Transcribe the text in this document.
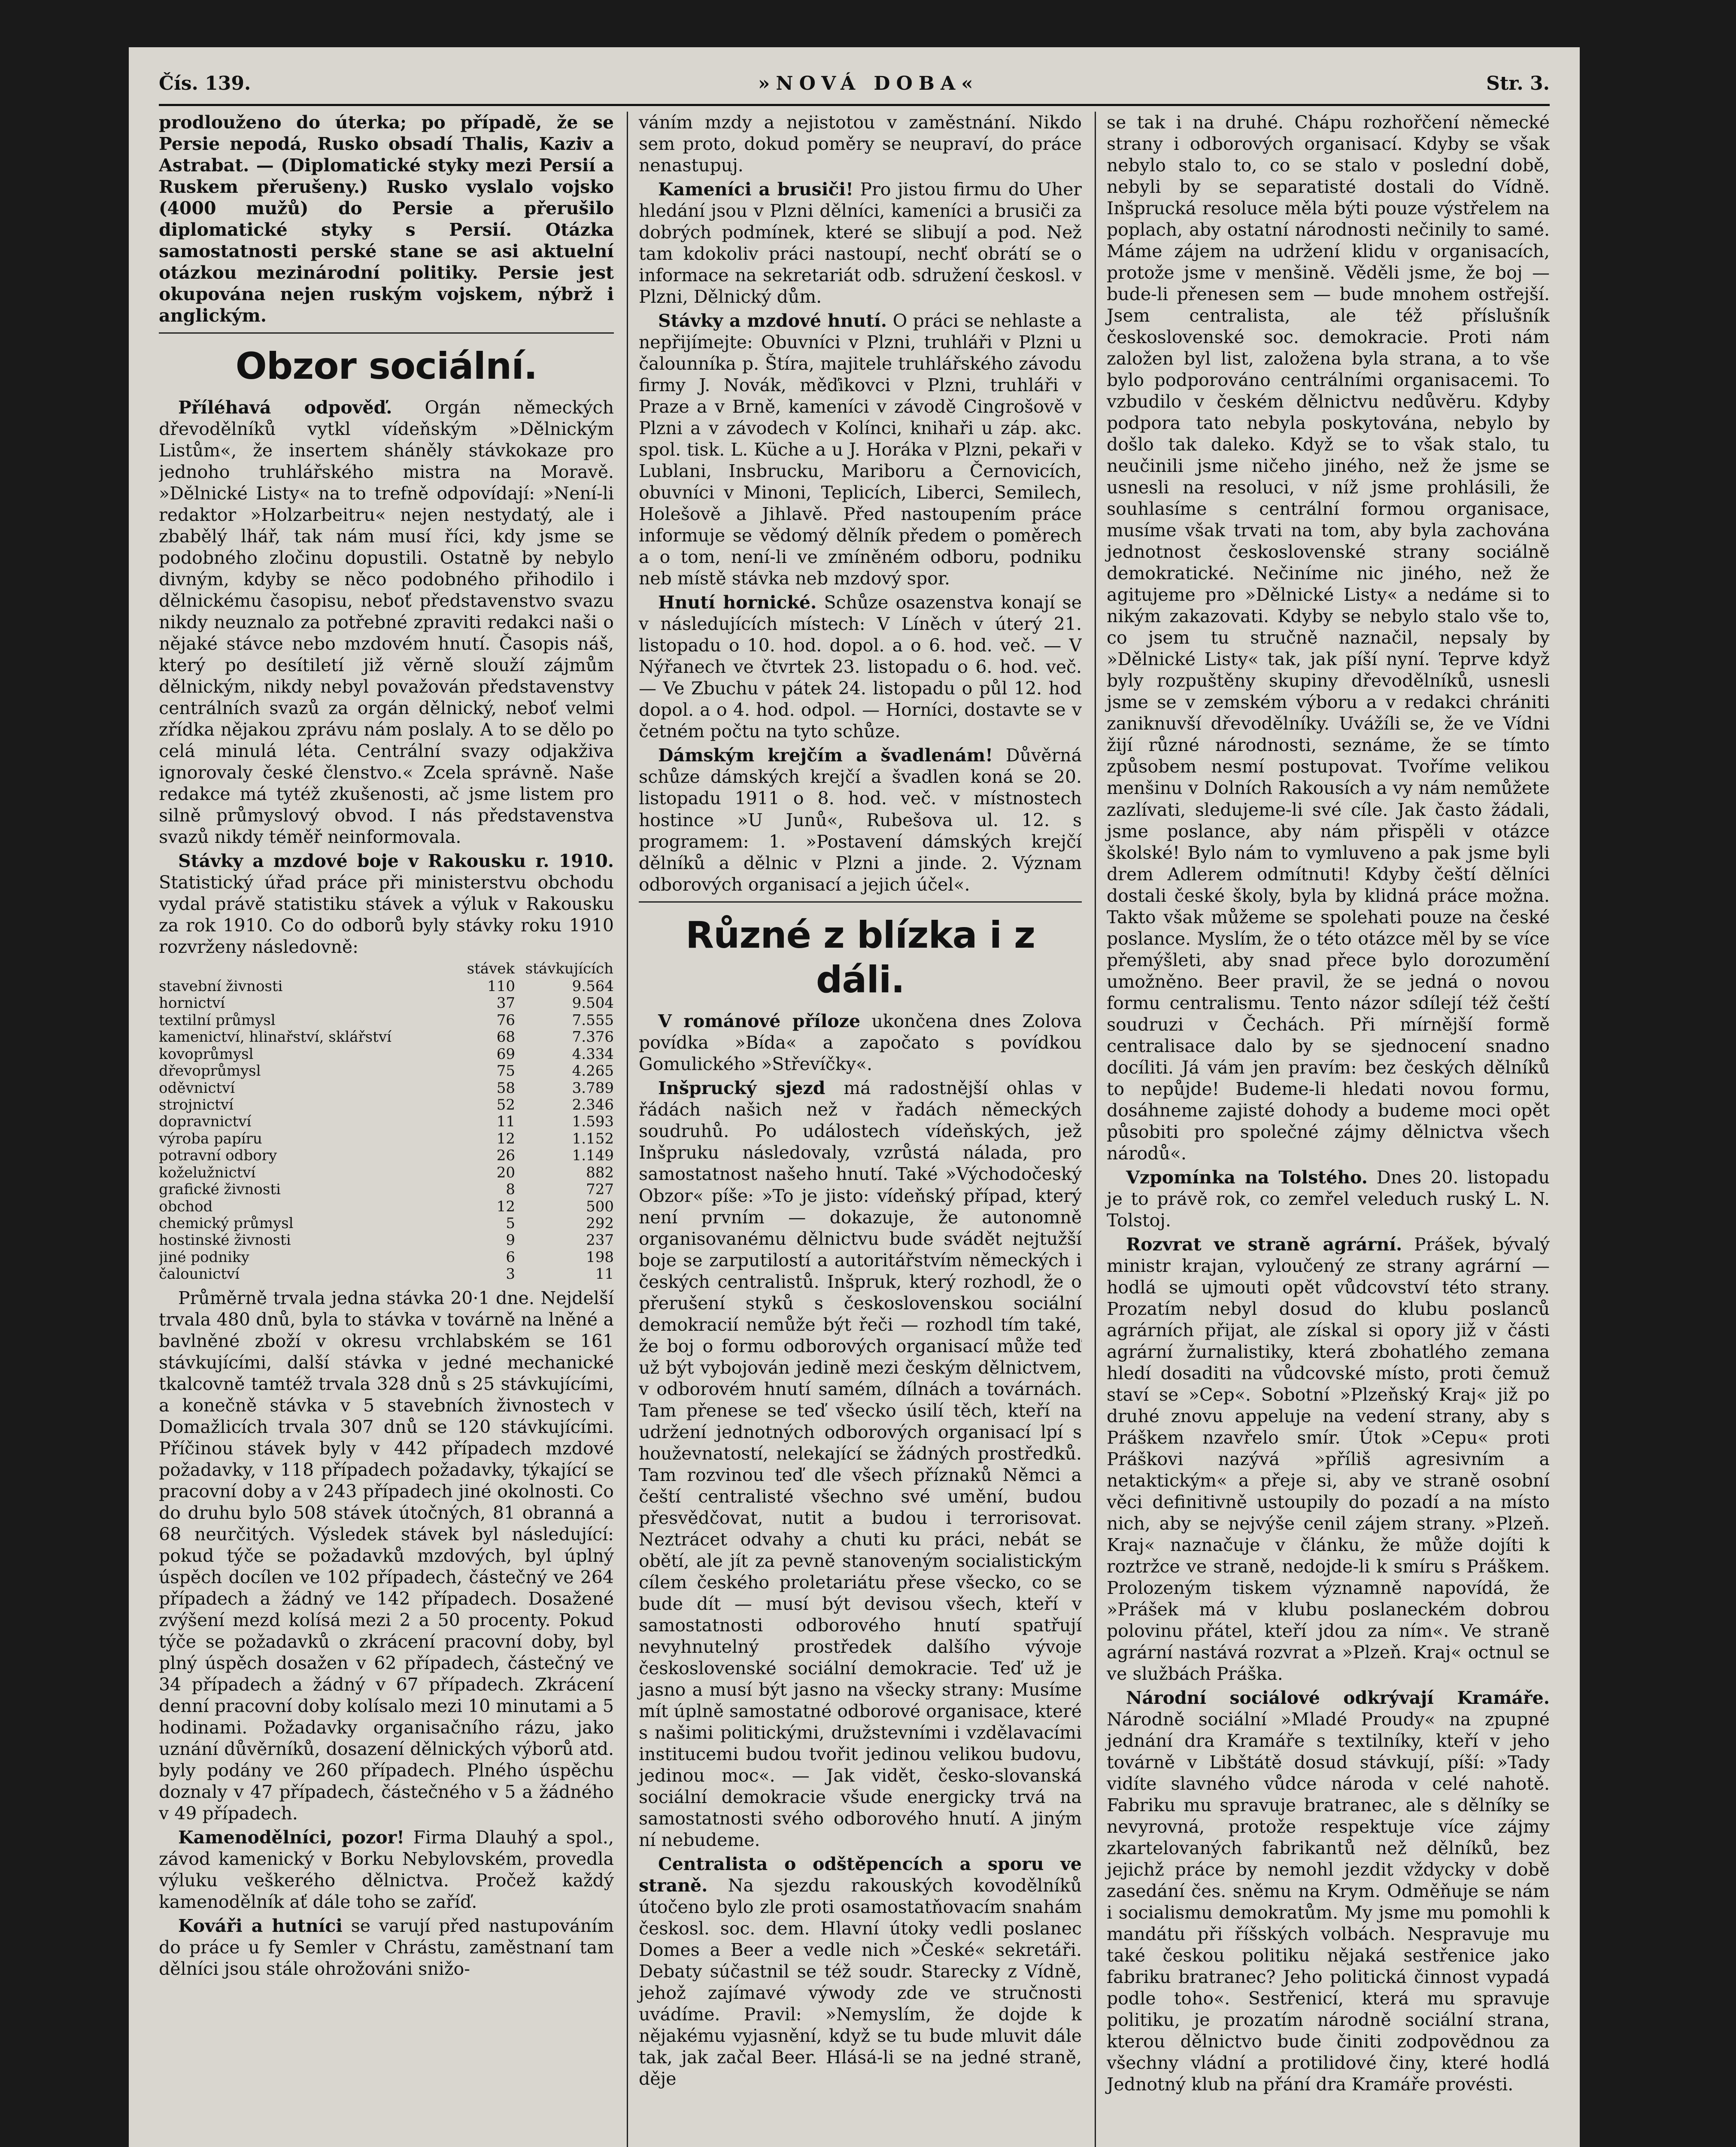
Čís. 139.	»NOVÁ DOBA«	Str. 3.

prodlouženo do úterka; po případě, že se Persie nepodá, Rusko obsadí Thalis, Kaziv a Astrabat. — (Diplomatické styky mezi Persií a Ruskem přerušeny.) Rusko vyslalo vojsko (4000 mužů) do Persie a přerušilo diplomatické styky s Persií. Otázka samostatnosti perské stane se asi aktuelní otázkou mezinárodní politiky. Persie jest okupována nejen ruským vojskem, nýbrž i anglickým.

Obzor sociální.

Příléhavá odpověď. Orgán německých dřevodělníků vytkl vídeňským »Dělnickým Listům«, že insertem sháněly stávkokaze pro jednoho truhlářského mistra na Moravě. »Dělnické Listy« na to trefně odpovídají: »Není-li redaktor »Holzarbeitru« nejen nestydatý, ale i zbabělý lhář, tak nám musí říci, kdy jsme se podobného zločinu dopustili. Ostatně by nebylo divným, kdyby se něco podobného přihodilo i dělnickému časopisu, neboť představenstvo svazu nikdy neuznalo za potřebné zpraviti redakci naši o nějaké stávce nebo mzdovém hnutí. Časopis náš, který po desítiletí již věrně slouží zájmům dělnickým, nikdy nebyl považován představenstvy centrálních svazů za orgán dělnický, neboť velmi zřídka nějakou zprávu nám poslaly. A to se dělo po celá minulá léta. Centrální svazy odjakživa ignorovaly české členstvo.« Zcela správně. Naše redakce má tytéž zkušenosti, ač jsme listem pro silně průmyslový obvod. I nás představenstva svazů nikdy téměř neinformovala.

Stávky a mzdové boje v Rakousku r. 1910. Statistický úřad práce při ministerstvu obchodu vydal právě statistiku stávek a výluk v Rakousku za rok 1910. Co do odborů byly stávky roku 1910 rozvrženy následovně:

	stávek	stávkujících
stavební živnosti	110	9.564
hornictví	37	9.504
textilní průmysl	76	7.555
kamenictví, hlinařství, sklářství	68	7.376
kovoprůmysl	69	4.334
dřevoprůmysl	75	4.265
oděvnictví	58	3.789
strojnictví	52	2.346
dopravnictví	11	1.593
výroba papíru	12	1.152
potravní odbory	26	1.149
koželužnictví	20	882
grafické živnosti	8	727
obchod	12	500
chemický průmysl	5	292
hostinské živnosti	9	237
jiné podniky	6	198
čalounictví	3	11

Průměrně trvala jedna stávka 20·1 dne. Nejdelší trvala 480 dnů, byla to stávka v továrně na lněné a bavlněné zboží v okresu vrchlabském se 161 stávkujícími, další stávka v jedné mechanické tkalcovně tamtéž trvala 328 dnů s 25 stávkujícími, a konečně stávka v 5 stavebních živnostech v Domažlicích trvala 307 dnů se 120 stávkujícími. Příčinou stávek byly v 442 případech mzdové požadavky, v 118 případech požadavky, týkající se pracovní doby a v 243 případech jiné okolnosti. Co do druhu bylo 508 stávek útočných, 81 obranná a 68 neurčitých. Výsledek stávek byl následující: pokud týče se požadavků mzdových, byl úplný úspěch docílen ve 102 případech, částečný ve 264 případech a žádný ve 142 případech. Dosažené zvýšení mezd kolísá mezi 2 a 50 procenty. Pokud týče se požadavků o zkrácení pracovní doby, byl plný úspěch dosažen v 62 případech, částečný ve 34 případech a žádný v 67 případech. Zkrácení denní pracovní doby kolísalo mezi 10 minutami a 5 hodinami. Požadavky organisačního rázu, jako uznání důvěrníků, dosazení dělnických výborů atd. byly podány ve 260 případech. Plného úspěchu doznaly v 47 případech, částečného v 5 a žádného v 49 případech.

Kamenodělníci, pozor! Firma Dlauhý a spol., závod kamenický v Borku Nebylovském, provedla výluku veškerého dělnictva. Pročež každý kamenodělník ať dále toho se zaříď.

Kováři a hutníci se varují před nastupováním do práce u fy Semler v Chrástu, zaměstnaní tam dělníci jsou stále ohrožováni snižo-

váním mzdy a nejistotou v zaměstnání. Nikdo sem proto, dokud poměry se neupraví, do práce nenastupuj.

Kameníci a brusiči! Pro jistou firmu do Uher hledání jsou v Plzni dělníci, kameníci a brusiči za dobrých podmínek, které se slibují a pod. Než tam kdokoliv práci nastoupí, nechť obrátí se o informace na sekretariát odb. sdružení českosl. v Plzni, Dělnický dům.

Stávky a mzdové hnutí. O práci se nehlaste a nepřijímejte: Obuvníci v Plzni, truhláři v Plzni u čalounníka p. Štíra, majitele truhlářského závodu firmy J. Novák, měďikovci v Plzni, truhláři v Praze a v Brně, kameníci v závodě Cingrošově v Plzni a v závodech v Kolínci, knihaři u záp. akc. spol. tisk. L. Küche a u J. Horáka v Plzni, pekaři v Lublani, Insbrucku, Mariboru a Černovicích, obuvníci v Minoni, Teplicích, Liberci, Semilech, Holešově a Jihlavě. Před nastoupením práce informuje se vědomý dělník předem o poměrech a o tom, není-li ve zmíněném odboru, podniku neb místě stávka neb mzdový spor.

Hnutí hornické. Schůze osazenstva konají se v následujících místech: V Líněch v úterý 21. listopadu o 10. hod. dopol. a o 6. hod. več. — V Nýřanech ve čtvrtek 23. listopadu o 6. hod. več. — Ve Zbuchu v pátek 24. listopadu o půl 12. hod dopol. a o 4. hod. odpol. — Horníci, dostavte se v četném počtu na tyto schůze.

Dámským krejčím a švadlenám! Důvěrná schůze dámských krejčí a švadlen koná se 20. listopadu 1911 o 8. hod. več. v místnostech hostince »U Junů«, Rubešova ul. 12. s programem: 1. »Postavení dámských krejčí dělníků a dělnic v Plzni a jinde. 2. Význam odborových organisací a jejich účel«.

Různé z blízka i z dáli.

V románové příloze ukončena dnes Zolova povídka »Bída« a započato s povídkou Gomulického »Střevíčky«.

Inšprucký sjezd má radostnější ohlas v řádách našich než v řadách německých soudruhů. Po událostech vídeňských, jež Inšpruku následovaly, vzrůstá nálada, pro samostatnost našeho hnutí. Také »Východočeský Obzor« píše: »To je jisto: vídeňský případ, který není prvním — dokazuje, že autonomně organisovanému dělnictvu bude svádět nejtužší boje se zarputilostí a autoritářstvím německých i českých centralistů. Inšpruk, který rozhodl, že o přerušení styků s československou sociální demokracií nemůže být řeči — rozhodl tím také, že boj o formu odborových organisací může teď už být vybojován jedině mezi českým dělnictvem, v odborovém hnutí samém, dílnách a továrnách. Tam přenese se teď všecko úsilí těch, kteří na udržení jednotných odborových organisací lpí s houževnatostí, nelekající se žádných prostředků. Tam rozvinou teď dle všech příznaků Němci a čeští centralisté všechno své umění, budou přesvědčovat, nutit a budou i terrorisovat. Neztrácet odvahy a chuti ku práci, nebát se obětí, ale jít za pevně stanoveným socialistickým cílem českého proletariátu přese všecko, co se bude dít — musí být devisou všech, kteří v samostatnosti odborového hnutí spatřují nevyhnutelný prostředek dalšího vývoje československé sociální demokracie. Teď už je jasno a musí být jasno na všecky strany: Musíme mít úplně samostatné odborové organisace, které s našimi politickými, družstevními i vzdělavacími institucemi budou tvořit jedinou velikou budovu, jedinou moc«. — Jak vidět, česko-slovanská sociální demokracie všude energicky trvá na samostatnosti svého odborového hnutí. A jiným ní nebudeme.

Centralista o odštěpencích a sporu ve straně. Na sjezdu rakouských kovodělníků útočeno bylo zle proti osamostatňovacím snahám českosl. soc. dem. Hlavní útoky vedli poslanec Domes a Beer a vedle nich »České« sekretáři. Debaty súčastnil se též soudr. Starecky z Vídně, jehož zajímavé výwody zde ve stručnosti uvádíme. Pravil: »Nemyslím, že dojde k nějakému vyjasnění, když se tu bude mluvit dále tak, jak začal Beer. Hlásá-li se na jedné straně, děje

se tak i na druhé. Chápu rozhořčení německé strany i odborových organisací. Kdyby se však nebylo stalo to, co se stalo v poslední době, nebyli by se separatisté dostali do Vídně. Inšprucká resoluce měla býti pouze výstřelem na poplach, aby ostatní národnosti nečinily to samé. Máme zájem na udržení klidu v organisacích, protože jsme v menšině. Věděli jsme, že boj — bude-li přenesen sem — bude mnohem ostřejší. Jsem centralista, ale též příslušník československé soc. demokracie. Proti nám založen byl list, založena byla strana, a to vše bylo podporováno centrálními organisacemi. To vzbudilo v českém dělnictvu nedůvěru. Kdyby podpora tato nebyla poskytována, nebylo by došlo tak daleko. Když se to však stalo, tu neučinili jsme ničeho jiného, než že jsme se usnesli na resoluci, v níž jsme prohlásili, že souhlasíme s centrální formou organisace, musíme však trvati na tom, aby byla zachována jednotnost československé strany sociálně demokratické. Nečiníme nic jiného, než že agitujeme pro »Dělnické Listy« a nedáme si to nikým zakazovati. Kdyby se nebylo stalo vše to, co jsem tu stručně naznačil, nepsaly by »Dělnické Listy« tak, jak píší nyní. Teprve když byly rozpuštěny skupiny dřevodělníků, usnesli jsme se v zemském výboru a v redakci chrániti zaniknuvší dřevodělníky. Uvážíli se, že ve Vídni žijí různé národnosti, seznáme, že se tímto způsobem nesmí postupovat. Tvoříme velikou menšinu v Dolních Rakousích a vy nám nemůžete zazlívati, sledujeme-li své cíle. Jak často žádali, jsme poslance, aby nám přispěli v otázce školské! Bylo nám to vymluveno a pak jsme byli drem Adlerem odmítnuti! Kdyby čeští dělníci dostali české školy, byla by klidná práce možna. Takto však můžeme se spolehati pouze na české poslance. Myslím, že o této otázce měl by se více přemýšleti, aby snad přece bylo dorozumění umožněno. Beer pravil, že se jedná o novou formu centralismu. Tento názor sdílejí též čeští soudruzi v Čechách. Při mírnější formě centralisace dalo by se sjednocení snadno docíliti. Já vám jen pravím: bez českých dělníků to nepůjde! Budeme-li hledati novou formu, dosáhneme zajisté dohody a budeme moci opět působiti pro společné zájmy dělnictva všech národů«.

Vzpomínka na Tolstého. Dnes 20. listopadu je to právě rok, co zemřel veleduch ruský L. N. Tolstoj.

Rozvrat ve straně agrární. Prášek, bývalý ministr krajan, vyloučený ze strany agrární — hodlá se ujmouti opět vůdcovství této strany. Prozatím nebyl dosud do klubu poslanců agrárních přijat, ale získal si opory již v části agrární žurnalistiky, která zbohatlého zemana hledí dosaditi na vůdcovské místo, proti čemuž staví se »Cep«. Sobotní »Plzeňský Kraj« již po druhé znovu appeluje na vedení strany, aby s Práškem nzavřelo smír. Útok »Cepu« proti Práškovi nazývá »příliš agresivním a netaktickým« a přeje si, aby ve straně osobní věci definitivně ustoupily do pozadí a na místo nich, aby se nejvýše cenil zájem strany. »Plzeň. Kraj« naznačuje v článku, že může dojíti k roztržce ve straně, nedojde-li k smíru s Práškem. Prolozeným tiskem významně napovídá, že »Prášek má v klubu poslaneckém dobrou polovinu přátel, kteří jdou za ním«. Ve straně agrární nastává rozvrat a »Plzeň. Kraj« octnul se ve službách Práška.

Národní sociálové odkrývají Kramáře. Národně sociální »Mladé Proudy« na zpupné jednání dra Kramáře s textilníky, kteří v jeho továrně v Libštátě dosud stávkují, píší: »Tady vidíte slavného vůdce národa v celé nahotě. Fabriku mu spravuje bratranec, ale s dělníky se nevyrovná, protože respektuje více zájmy zkartelovaných fabrikantů než dělníků, bez jejichž práce by nemohl jezdit vždycky v době zasedání čes. sněmu na Krym. Odměňuje se nám i socialismu demokratům. My jsme mu pomohli k mandátu při říšských volbách. Nespravuje mu také českou politiku nějaká sestřenice jako fabriku bratranec? Jeho politická činnost vypadá podle toho«. Sestřenicí, která mu spravuje politiku, je prozatím národně sociální strana, kterou dělnictvo bude činiti zodpovědnou za všechny vládní a protilidové činy, které hodlá Jednotný klub na přání dra Kramáře provésti.
